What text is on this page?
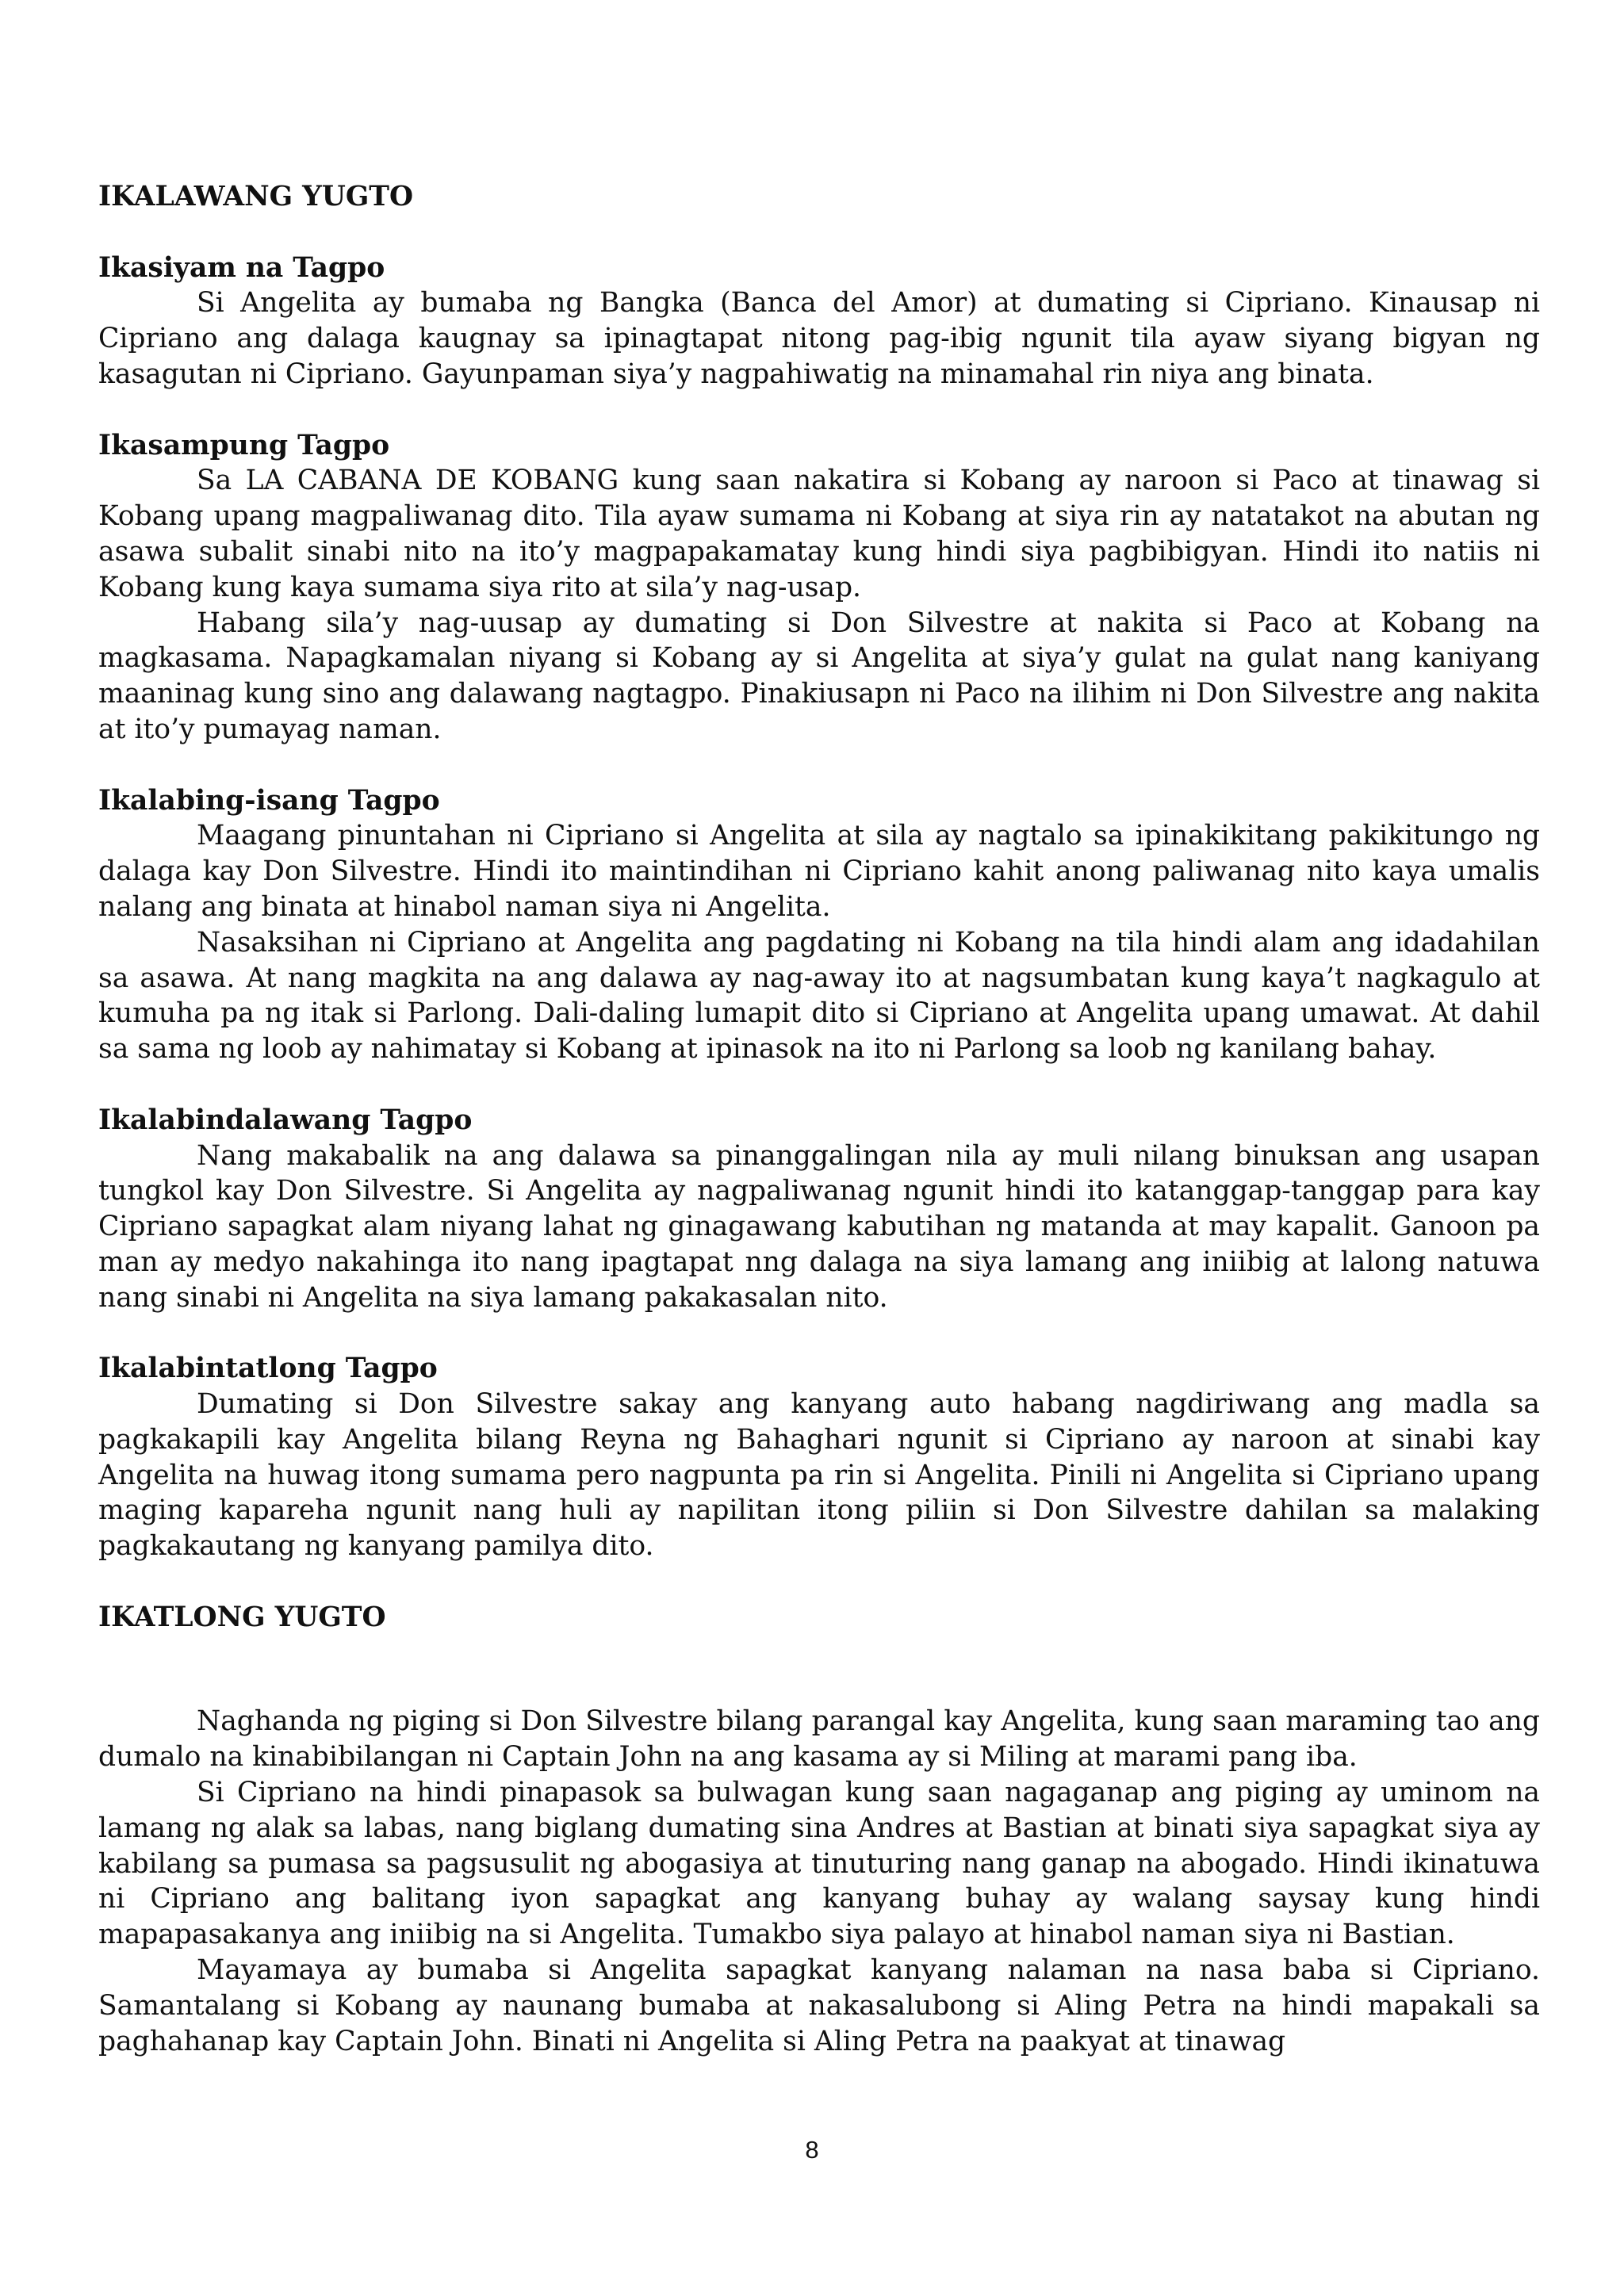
IKALAWANG YUGTO
Ikasiyam na Tagpo

Si Angelita ay bumaba ng Bangka (Banca del Amor) at dumating si Cipriano. Kinausap ni Cipriano ang dalaga kaugnay sa ipinagtapat nitong pag-ibig ngunit tila ayaw siyang bigyan ng kasagutan ni Cipriano. Gayunpaman siya’y nagpahiwatig na minamahal rin niya ang binata.

Ikasampung Tagpo

Sa LA CABANA DE KOBANG kung saan nakatira si Kobang ay naroon si Paco at tinawag si Kobang upang magpaliwanag dito. Tila ayaw sumama ni Kobang at siya rin ay natatakot na abutan ng asawa subalit sinabi nito na ito’y magpapakamatay kung hindi siya pagbibigyan. Hindi ito natiis ni Kobang kung kaya sumama siya rito at sila’y nag-usap.

Habang sila’y nag-uusap ay dumating si Don Silvestre at nakita si Paco at Kobang na magkasama. Napagkamalan niyang si Kobang ay si Angelita at siya’y gulat na gulat nang kaniyang maaninag kung sino ang dalawang nagtagpo. Pinakiusapn ni Paco na ilihim ni Don Silvestre ang nakita at ito’y pumayag naman.

Ikalabing-isang Tagpo

Maagang pinuntahan ni Cipriano si Angelita at sila ay nagtalo sa ipinakikitang pakikitungo ng dalaga kay Don Silvestre. Hindi ito maintindihan ni Cipriano kahit anong paliwanag nito kaya umalis nalang ang binata at hinabol naman siya ni Angelita.

Nasaksihan ni Cipriano at Angelita ang pagdating ni Kobang na tila hindi alam ang idadahilan sa asawa. At nang magkita na ang dalawa ay nag-away ito at nagsumbatan kung kaya’t nagkagulo at kumuha pa ng itak si Parlong. Dali-daling lumapit dito si Cipriano at Angelita upang umawat. At dahil sa sama ng loob ay nahimatay si Kobang at ipinasok na ito ni Parlong sa loob ng kanilang bahay.

Ikalabindalawang Tagpo

Nang makabalik na ang dalawa sa pinanggalingan nila ay muli nilang binuksan ang usapan tungkol kay Don Silvestre. Si Angelita ay nagpaliwanag ngunit hindi ito katanggap-tanggap para kay Cipriano sapagkat alam niyang lahat ng ginagawang kabutihan ng matanda at may kapalit. Ganoon pa man ay medyo nakahinga ito nang ipagtapat nng dalaga na siya lamang ang iniibig at lalong natuwa nang sinabi ni Angelita na siya lamang pakakasalan nito.

Ikalabintatlong Tagpo

Dumating si Don Silvestre sakay ang kanyang auto habang nagdiriwang ang madla sa pagkakapili kay Angelita bilang Reyna ng Bahaghari ngunit si Cipriano ay naroon at sinabi kay Angelita na huwag itong sumama pero nagpunta pa rin si Angelita. Pinili ni Angelita si Cipriano upang maging kapareha ngunit nang huli ay napilitan itong piliin si Don Silvestre dahilan sa malaking pagkakautang ng kanyang pamilya dito.

IKATLONG YUGTO

Naghanda ng piging si Don Silvestre bilang parangal kay Angelita, kung saan maraming tao ang dumalo na kinabibilangan ni Captain John na ang kasama ay si Miling at marami pang iba.

Si Cipriano na hindi pinapasok sa bulwagan kung saan nagaganap ang piging ay uminom na lamang ng alak sa labas, nang biglang dumating sina Andres at Bastian at binati siya sapagkat siya ay kabilang sa pumasa sa pagsusulit ng abogasiya at tinuturing nang ganap na abogado. Hindi ikinatuwa ni Cipriano ang balitang iyon sapagkat ang kanyang buhay ay walang saysay kung hindi mapapasakanya ang iniibig na si Angelita. Tumakbo siya palayo at hinabol naman siya ni Bastian.

Mayamaya ay bumaba si Angelita sapagkat kanyang nalaman na nasa baba si Cipriano. Samantalang si Kobang ay naunang bumaba at nakasalubong si Aling Petra na hindi mapakali sa paghahanap kay Captain John. Binati ni Angelita si Aling Petra na paakyat at tinawag

8
